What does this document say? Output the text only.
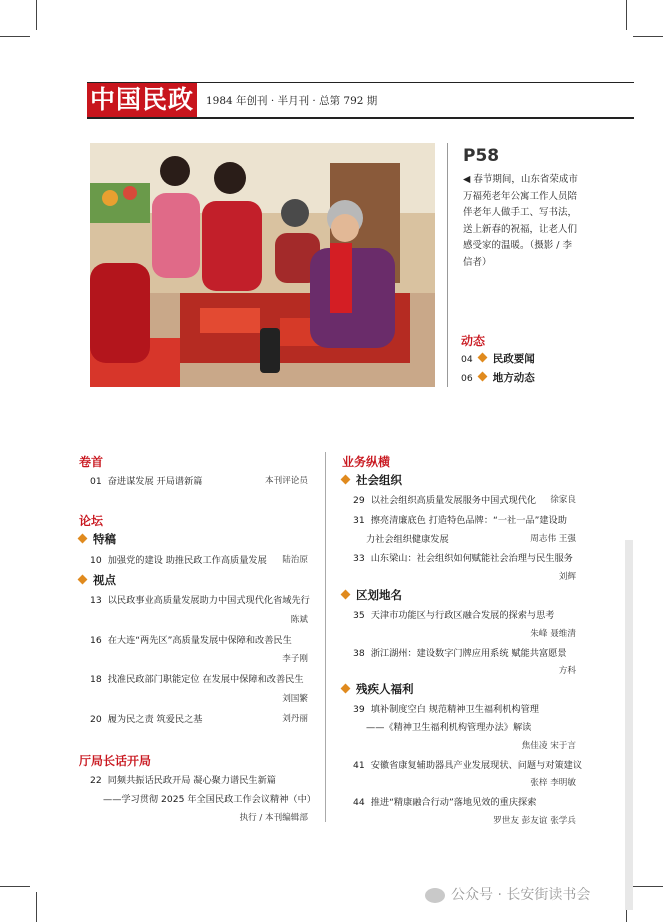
中国民政 1984 年创刊 · 半月刊 · 总第 792 期
P58
◀ 春节期间，山东省荣成市万福苑老年公寓工作人员陪伴老年人做手工、写书法，送上新春的祝福，让老人们感受家的温暖。（摄影 / 李信者）
动态
04 民政要闻
06 地方动态
卷首
01 奋进谋发展 开局谱新篇	本刊评论员
论坛
特稿
10 加强党的建设 助推民政工作高质量发展 陆治原
视点
13 以民政事业高质量发展助力中国式现代化省域先行
陈斌
16 在大连“两先区”高质量发展中保障和改善民生
李子刚
18 找准民政部门职能定位 在发展中保障和改善民生
刘国繁
20 履为民之责 筑爱民之基	刘丹丽
厅局长话开局
22 同频共振话民政开局 凝心聚力谱民生新篇
——学习贯彻 2025 年全国民政工作会议精神（中）
执行 / 本刊编辑部
业务纵横
社会组织
29 以社会组织高质量发展服务中国式现代化 徐家良
31 擦亮清廉底色 打造特色品牌：“一社一品”建设助
力社会组织健康发展	周志伟 王强
33 山东梁山：社会组织如何赋能社会治理与民生服务
刘辉
区划地名
35 天津市功能区与行政区融合发展的探索与思考
朱峰 聂维清
38 浙江湖州：建设数字门牌应用系统 赋能共富愿景
方科
残疾人福利
39 填补制度空白 规范精神卫生福利机构管理
——《精神卫生福利机构管理办法》解读
焦佳凌 宋于言
41 安徽省康复辅助器具产业发展现状、问题与对策建议
张梓 李明敏
44 推进“精康融合行动”落地见效的重庆探索
罗世友 彭友谊 张学兵
公众号 · 长安街读书会
